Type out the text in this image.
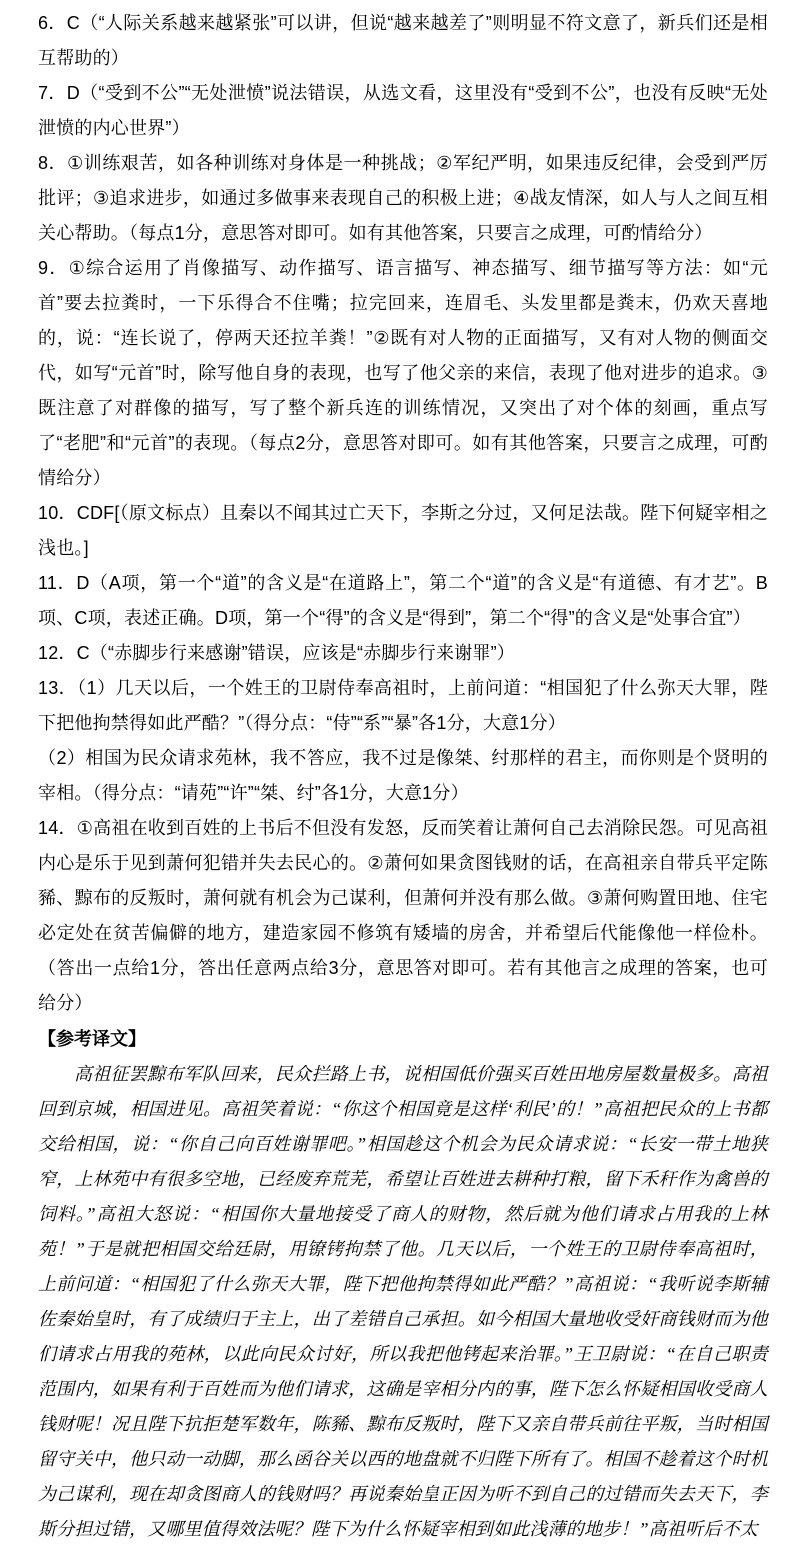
6．C（“人际关系越来越紧张”可以讲，但说“越来越差了”则明显不符文意了，新兵们还是相互帮助的）

7．D（“受到不公”“无处泄愤”说法错误，从选文看，这里没有“受到不公”，也没有反映“无处泄愤的内心世界”）

8．①训练艰苦，如各种训练对身体是一种挑战；②军纪严明，如果违反纪律，会受到严厉批评；③追求进步，如通过多做事来表现自己的积极上进；④战友情深，如人与人之间互相关心帮助。（每点1分，意思答对即可。如有其他答案，只要言之成理，可酌情给分）

9．①综合运用了肖像描写、动作描写、语言描写、神态描写、细节描写等方法：如“元首”要去拉粪时，一下乐得合不住嘴；拉完回来，连眉毛、头发里都是粪末，仍欢天喜地的，说：“连长说了，停两天还拉羊粪！”②既有对人物的正面描写，又有对人物的侧面交代，如写“元首”时，除写他自身的表现，也写了他父亲的来信，表现了他对进步的追求。③既注意了对群像的描写，写了整个新兵连的训练情况，又突出了对个体的刻画，重点写了“老肥”和“元首”的表现。（每点2分，意思答对即可。如有其他答案，只要言之成理，可酌情给分）

10．CDF[（原文标点）且秦以不闻其过亡天下，李斯之分过，又何足法哉。陛下何疑宰相之浅也。]

11．D（A项，第一个“道”的含义是“在道路上”，第二个“道”的含义是“有道德、有才艺”。B项、C项，表述正确。D项，第一个“得”的含义是“得到”，第二个“得”的含义是“处事合宜”）

12．C（“赤脚步行来感谢”错误，应该是“赤脚步行来谢罪”）

13．（1）几天以后，一个姓王的卫尉侍奉高祖时，上前问道：“相国犯了什么弥天大罪，陛下把他拘禁得如此严酷？”（得分点：“侍”“系”“暴”各1分，大意1分）

（2）相国为民众请求苑林，我不答应，我不过是像桀、纣那样的君主，而你则是个贤明的宰相。（得分点：“请苑”“许”“桀、纣”各1分，大意1分）

14．①高祖在收到百姓的上书后不但没有发怒，反而笑着让萧何自己去消除民怨。可见高祖内心是乐于见到萧何犯错并失去民心的。②萧何如果贪图钱财的话，在高祖亲自带兵平定陈豨、黥布的反叛时，萧何就有机会为己谋利，但萧何并没有那么做。③萧何购置田地、住宅必定处在贫苦偏僻的地方，建造家园不修筑有矮墙的房舍，并希望后代能像他一样俭朴。（答出一点给1分，答出任意两点给3分，意思答对即可。若有其他言之成理的答案，也可给分）

【参考译文】

高祖征罢黥布军队回来，民众拦路上书，说相国低价强买百姓田地房屋数量极多。高祖回到京城，相国进见。高祖笑着说：“你这个相国竟是这样‘利民’的！”高祖把民众的上书都交给相国，说：“你自己向百姓谢罪吧。”相国趁这个机会为民众请求说：“长安一带土地狭窄，上林苑中有很多空地，已经废弃荒芜，希望让百姓进去耕种打粮，留下禾秆作为禽兽的饲料。”高祖大怒说：“相国你大量地接受了商人的财物，然后就为他们请求占用我的上林苑！”于是就把相国交给廷尉，用镣铐拘禁了他。几天以后，一个姓王的卫尉侍奉高祖时，上前问道：“相国犯了什么弥天大罪，陛下把他拘禁得如此严酷？”高祖说：“我听说李斯辅佐秦始皇时，有了成绩归于主上，出了差错自己承担。如今相国大量地收受奸商钱财而为他们请求占用我的苑林，以此向民众讨好，所以我把他铐起来治罪。”王卫尉说：“在自己职责范围内，如果有利于百姓而为他们请求，这确是宰相分内的事，陛下怎么怀疑相国收受商人钱财呢！况且陛下抗拒楚军数年，陈豨、黥布反叛时，陛下又亲自带兵前往平叛，当时相国留守关中，他只动一动脚，那么函谷关以西的地盘就不归陛下所有了。相国不趁着这个时机为己谋利，现在却贪图商人的钱财吗？再说秦始皇正因为听不到自己的过错而失去天下，李斯分担过错，又哪里值得效法呢？陛下为什么怀疑宰相到如此浅薄的地步！”高祖听后不太
